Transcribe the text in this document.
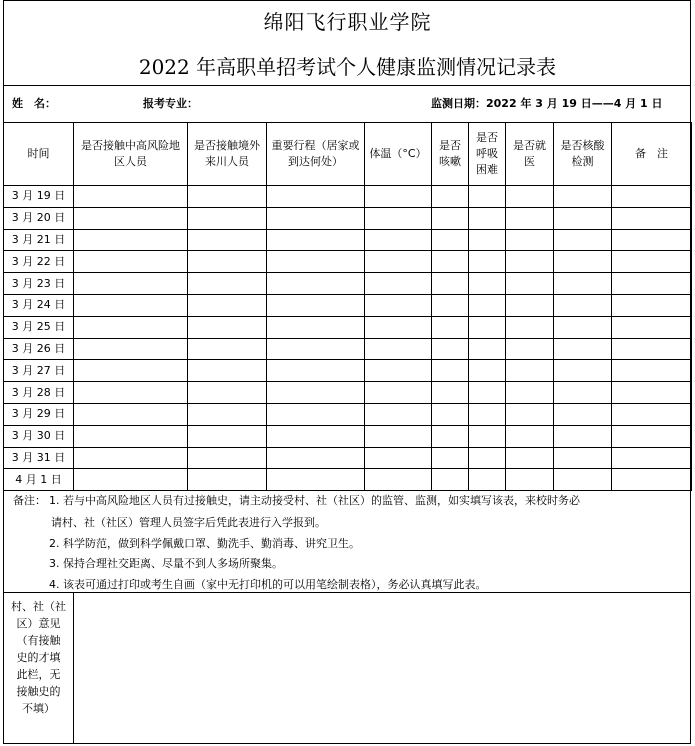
绵阳飞行职业学院
2022 年高职单招考试个人健康监测情况记录表
姓　名：	报考专业：	监测日期：2022 年 3 月 19 日——4 月 1 日
时间	是否接触中高风险地区人员	是否接触境外来川人员	重要行程（居家或到达何处）	体温（°C）	是否咳嗽	是否呼吸困难	是否就医	是否核酸检测	备　注
3 月 19 日									
3 月 20 日									
3 月 21 日									
3 月 22 日									
3 月 23 日									
3 月 24 日									
3 月 25 日									
3 月 26 日									
3 月 27 日									
3 月 28 日									
3 月 29 日									
3 月 30 日									
3 月 31 日									
4 月 1 日									
备注： 1. 若与中高风险地区人员有过接触史，请主动接受村、社（社区）的监管、监测，如实填写该表，来校时务必
请村、社（社区）管理人员签字后凭此表进行入学报到。
2. 科学防范，做到科学佩戴口罩、勤洗手、勤消毒、讲究卫生。
3. 保持合理社交距离、尽量不到人多场所聚集。
4. 该表可通过打印或考生自画（家中无打印机的可以用笔绘制表格），务必认真填写此表。
村、社（社
区）意见
（有接触
史的才填
此栏，无
接触史的
不填）
